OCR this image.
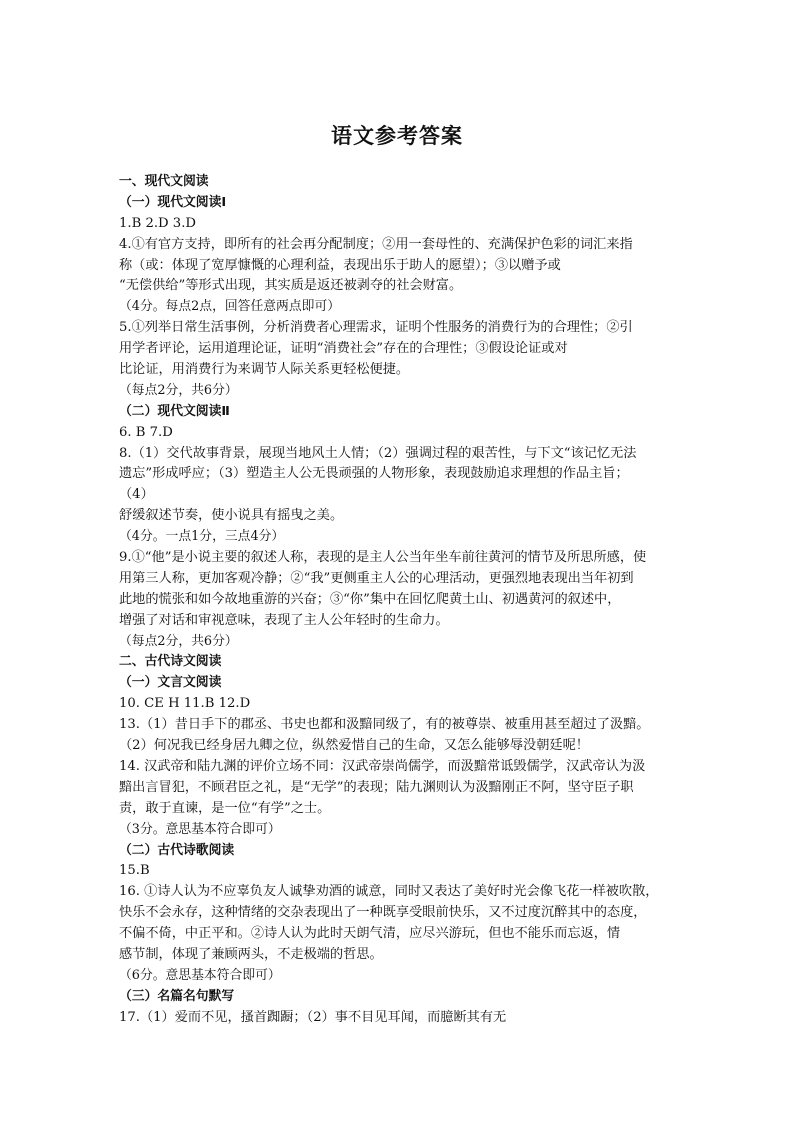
语文参考答案
一、现代文阅读
（一）现代文阅读Ⅰ
1.B 2.D 3.D
4.①有官方支持，即所有的社会再分配制度；②用一套母性的、充满保护色彩的词汇来指
称（或：体现了宽厚慷慨的心理利益，表现出乐于助人的愿望）；③以赠予或
“无偿供给”等形式出现，其实质是返还被剥夺的社会财富。
（4分。每点2点，回答任意两点即可）
5.①列举日常生活事例，分析消费者心理需求，证明个性服务的消费行为的合理性；②引
用学者评论，运用道理论证，证明“消费社会”存在的合理性；③假设论证或对
比论证，用消费行为来调节人际关系更轻松便捷。
（每点2分，共6分）
（二）现代文阅读Ⅱ
6. B 7.D
8.（1）交代故事背景，展现当地风土人情；（2）强调过程的艰苦性，与下文“该记忆无法
遗忘”形成呼应；（3）塑造主人公无畏顽强的人物形象，表现鼓励追求理想的作品主旨；
（4）
舒缓叙述节奏，使小说具有摇曳之美。
（4分。一点1分，三点4分）
9.①“他”是小说主要的叙述人称，表现的是主人公当年坐车前往黄河的情节及所思所感，使
用第三人称，更加客观冷静；②“我”更侧重主人公的心理活动，更强烈地表现出当年初到
此地的慌张和如今故地重游的兴奋；③“你”集中在回忆爬黄土山、初遇黄河的叙述中，
增强了对话和审视意味，表现了主人公年轻时的生命力。
（每点2分，共6分）
二、古代诗文阅读
（一）文言文阅读
10. CE H 11.B 12.D
13.（1）昔日手下的郡丞、书史也都和汲黯同级了，有的被尊崇、被重用甚至超过了汲黯。
（2）何况我已经身居九卿之位，纵然爱惜自己的生命，又怎么能够辱没朝廷呢！
14. 汉武帝和陆九渊的评价立场不同：汉武帝崇尚儒学，而汲黯常诋毁儒学，汉武帝认为汲
黯出言冒犯，不顾君臣之礼，是“无学”的表现；陆九渊则认为汲黯刚正不阿，坚守臣子职
责，敢于直谏，是一位“有学”之士。
（3分。意思基本符合即可）
（二）古代诗歌阅读
15.B
16. ①诗人认为不应辜负友人诚挚劝酒的诚意，同时又表达了美好时光会像飞花一样被吹散，
快乐不会永存，这种情绪的交杂表现出了一种既享受眼前快乐，又不过度沉醉其中的态度，
不偏不倚，中正平和。②诗人认为此时天朗气清，应尽兴游玩，但也不能乐而忘返，情
感节制，体现了兼顾两头，不走极端的哲思。
（6分。意思基本符合即可）
（三）名篇名句默写
17.（1）爱而不见，搔首踟蹰；（2）事不目见耳闻，而臆断其有无
